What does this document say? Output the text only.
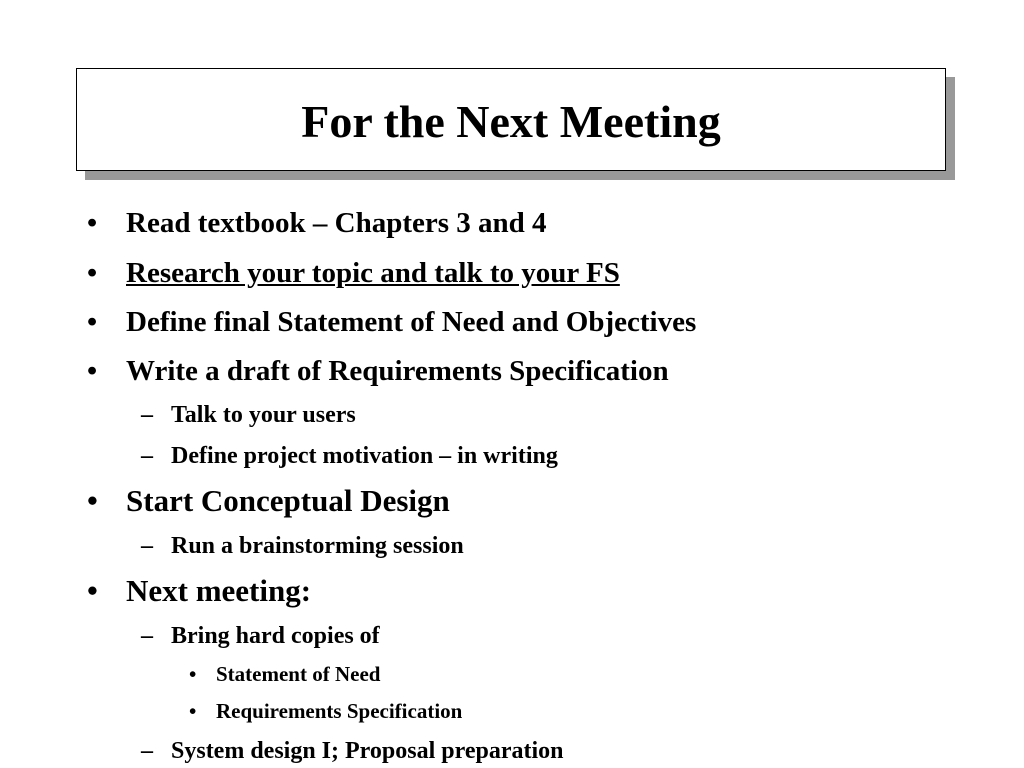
For the Next Meeting
• Read textbook – Chapters 3 and 4
• Research your topic and talk to your FS
• Define final Statement of Need and Objectives
• Write a draft of Requirements Specification
– Talk to your users
– Define project motivation – in writing
• Start Conceptual Design
– Run a brainstorming session
• Next meeting:
– Bring hard copies of
• Statement of Need
• Requirements Specification
– System design I; Proposal preparation
